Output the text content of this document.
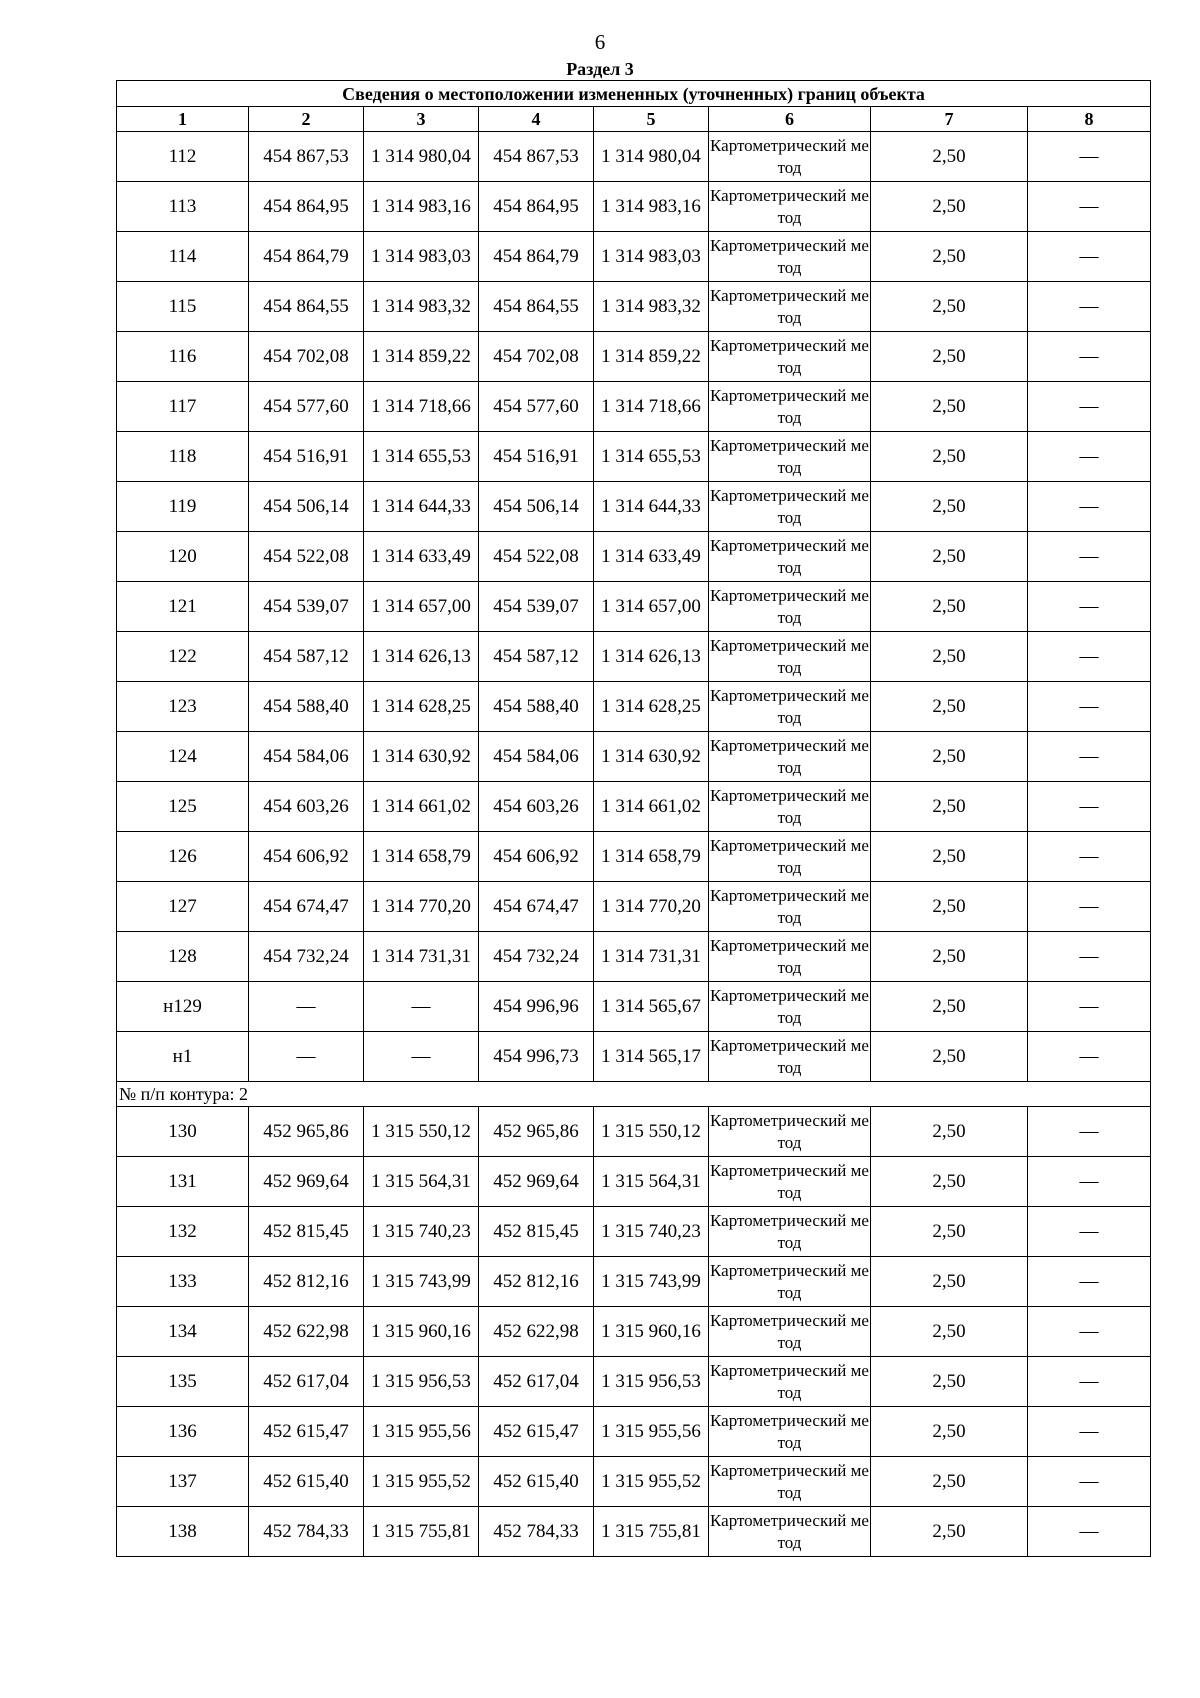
6
Раздел 3
Сведения о местоположении измененных (уточненных) границ объекта							
1	2	3	4	5	6	7	8
112	454 867,53	1 314 980,04	454 867,53	1 314 980,04	Картометрический метод	2,50	—
113	454 864,95	1 314 983,16	454 864,95	1 314 983,16	Картометрический метод	2,50	—
114	454 864,79	1 314 983,03	454 864,79	1 314 983,03	Картометрический метод	2,50	—
115	454 864,55	1 314 983,32	454 864,55	1 314 983,32	Картометрический метод	2,50	—
116	454 702,08	1 314 859,22	454 702,08	1 314 859,22	Картометрический метод	2,50	—
117	454 577,60	1 314 718,66	454 577,60	1 314 718,66	Картометрический метод	2,50	—
118	454 516,91	1 314 655,53	454 516,91	1 314 655,53	Картометрический метод	2,50	—
119	454 506,14	1 314 644,33	454 506,14	1 314 644,33	Картометрический метод	2,50	—
120	454 522,08	1 314 633,49	454 522,08	1 314 633,49	Картометрический метод	2,50	—
121	454 539,07	1 314 657,00	454 539,07	1 314 657,00	Картометрический метод	2,50	—
122	454 587,12	1 314 626,13	454 587,12	1 314 626,13	Картометрический метод	2,50	—
123	454 588,40	1 314 628,25	454 588,40	1 314 628,25	Картометрический метод	2,50	—
124	454 584,06	1 314 630,92	454 584,06	1 314 630,92	Картометрический метод	2,50	—
125	454 603,26	1 314 661,02	454 603,26	1 314 661,02	Картометрический метод	2,50	—
126	454 606,92	1 314 658,79	454 606,92	1 314 658,79	Картометрический метод	2,50	—
127	454 674,47	1 314 770,20	454 674,47	1 314 770,20	Картометрический метод	2,50	—
128	454 732,24	1 314 731,31	454 732,24	1 314 731,31	Картометрический метод	2,50	—
н129	—	—	454 996,96	1 314 565,67	Картометрический метод	2,50	—
н1	—	—	454 996,73	1 314 565,17	Картометрический метод	2,50	—
№ п/п контура: 2							
130	452 965,86	1 315 550,12	452 965,86	1 315 550,12	Картометрический метод	2,50	—
131	452 969,64	1 315 564,31	452 969,64	1 315 564,31	Картометрический метод	2,50	—
132	452 815,45	1 315 740,23	452 815,45	1 315 740,23	Картометрический метод	2,50	—
133	452 812,16	1 315 743,99	452 812,16	1 315 743,99	Картометрический метод	2,50	—
134	452 622,98	1 315 960,16	452 622,98	1 315 960,16	Картометрический метод	2,50	—
135	452 617,04	1 315 956,53	452 617,04	1 315 956,53	Картометрический метод	2,50	—
136	452 615,47	1 315 955,56	452 615,47	1 315 955,56	Картометрический метод	2,50	—
137	452 615,40	1 315 955,52	452 615,40	1 315 955,52	Картометрический метод	2,50	—
138	452 784,33	1 315 755,81	452 784,33	1 315 755,81	Картометрический метод	2,50	—
